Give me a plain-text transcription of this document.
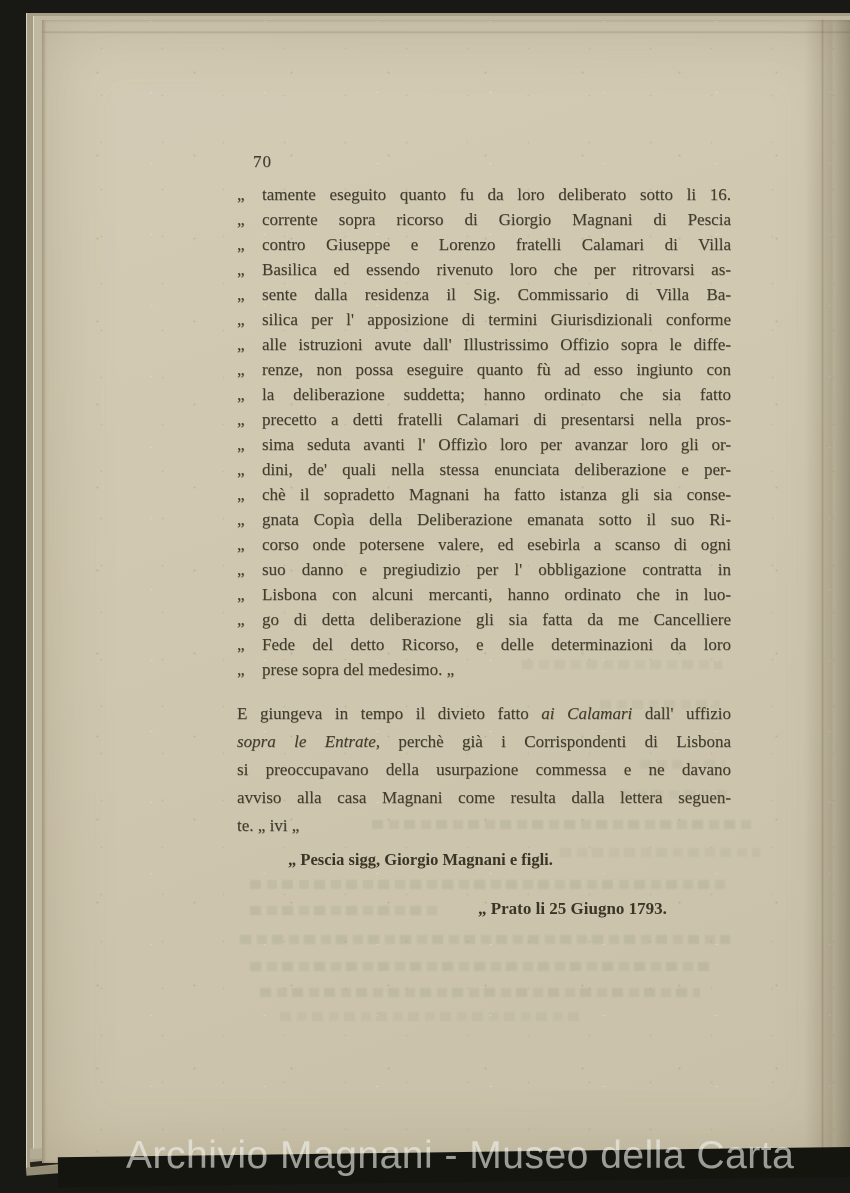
70
„	tamente eseguito quanto fu da loro deliberato sotto li 16.
„	corrente sopra ricorso di Giorgio Magnani di Pescia
„	contro Giuseppe e Lorenzo fratelli Calamari di Villa
„	Basilica ed essendo rivenuto loro che per ritrovarsi as-
„	sente dalla residenza il Sig. Commissario di Villa Ba-
„	silica per l' apposizione di termini Giurisdizionali conforme
„	alle istruzioni avute dall' Illustrissimo Offizio sopra le diffe-
„	renze, non possa eseguire quanto fù ad esso ingiunto con
„	la deliberazione suddetta; hanno ordinato che sia fatto
„	precetto a detti fratelli Calamari di presentarsi nella pros-
„	sima seduta avanti l' Offizìo loro per avanzar loro gli or-
„	dini, de' quali nella stessa enunciata deliberazione e per-
„	chè il sopradetto Magnani ha fatto istanza gli sia conse-
„	gnata Copìa della Deliberazione emanata sotto il suo Ri-
„	corso onde potersene valere, ed esebirla a scanso di ogni
„	suo danno e pregiudizio per l' obbligazione contratta in
„	Lisbona con alcuni mercanti, hanno ordinato che in luo-
„	go di detta deliberazione gli sia fatta da me Cancelliere
„	Fede del detto Ricorso, e delle determinazioni da loro
„	prese sopra del medesimo. „
E giungeva in tempo il divieto fatto ai Calamari dall' uffizio
sopra le Entrate, perchè già i Corrispondenti di Lisbona
si preoccupavano della usurpazione commessa e ne davano
avviso alla casa Magnani come resulta dalla lettera seguen-
te. „ ivi „
„ Pescia sigg, Giorgio Magnani e figli.
„ Prato li 25 Giugno 1793.
Archivio Magnani - Museo della Carta
